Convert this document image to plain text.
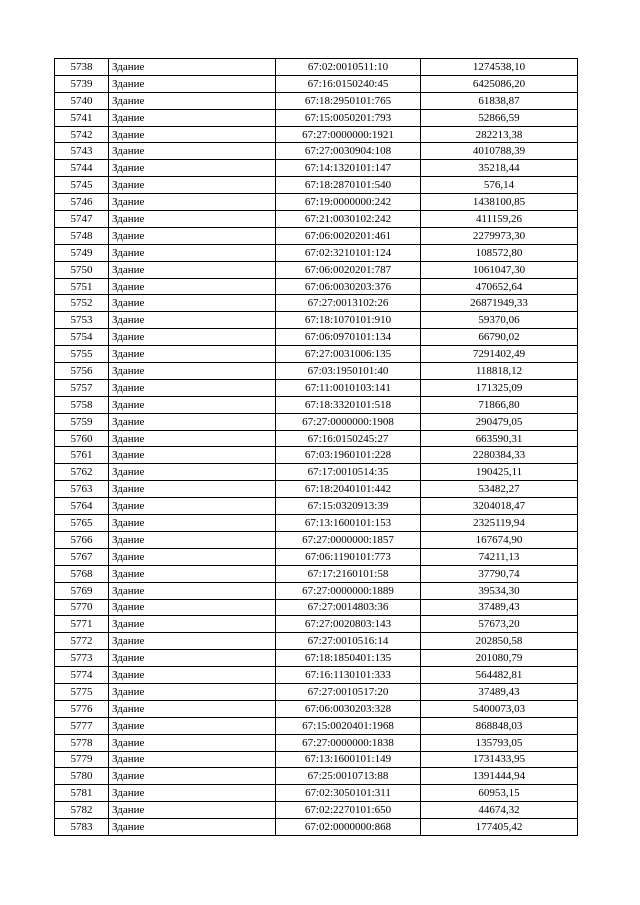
5738	Здание	67:02:0010511:10	1274538,10
5739	Здание	67:16:0150240:45	6425086,20
5740	Здание	67:18:2950101:765	61838,87
5741	Здание	67:15:0050201:793	52866,59
5742	Здание	67:27:0000000:1921	282213,38
5743	Здание	67:27:0030904:108	4010788,39
5744	Здание	67:14:1320101:147	35218,44
5745	Здание	67:18:2870101:540	576,14
5746	Здание	67:19:0000000:242	1438100,85
5747	Здание	67:21:0030102:242	411159,26
5748	Здание	67:06:0020201:461	2279973,30
5749	Здание	67:02:3210101:124	108572,80
5750	Здание	67:06:0020201:787	1061047,30
5751	Здание	67:06:0030203:376	470652,64
5752	Здание	67:27:0013102:26	26871949,33
5753	Здание	67:18:1070101:910	59370,06
5754	Здание	67:06:0970101:134	66790,02
5755	Здание	67:27:0031006:135	7291402,49
5756	Здание	67:03:1950101:40	118818,12
5757	Здание	67:11:0010103:141	171325,09
5758	Здание	67:18:3320101:518	71866,80
5759	Здание	67:27:0000000:1908	290479,05
5760	Здание	67:16:0150245:27	663590,31
5761	Здание	67:03:1960101:228	2280384,33
5762	Здание	67:17:0010514:35	190425,11
5763	Здание	67:18:2040101:442	53482,27
5764	Здание	67:15:0320913:39	3204018,47
5765	Здание	67:13:1600101:153	2325119,94
5766	Здание	67:27:0000000:1857	167674,90
5767	Здание	67:06:1190101:773	74211,13
5768	Здание	67:17:2160101:58	37790,74
5769	Здание	67:27:0000000:1889	39534,30
5770	Здание	67:27:0014803:36	37489,43
5771	Здание	67:27:0020803:143	57673,20
5772	Здание	67:27:0010516:14	202850,58
5773	Здание	67:18:1850401:135	201080,79
5774	Здание	67:16:1130101:333	564482,81
5775	Здание	67:27:0010517:20	37489,43
5776	Здание	67:06:0030203:328	5400073,03
5777	Здание	67:15:0020401:1968	868848,03
5778	Здание	67:27:0000000:1838	135793,05
5779	Здание	67:13:1600101:149	1731433,95
5780	Здание	67:25:0010713:88	1391444,94
5781	Здание	67:02:3050101:311	60953,15
5782	Здание	67:02:2270101:650	44674,32
5783	Здание	67:02:0000000:868	177405,42
